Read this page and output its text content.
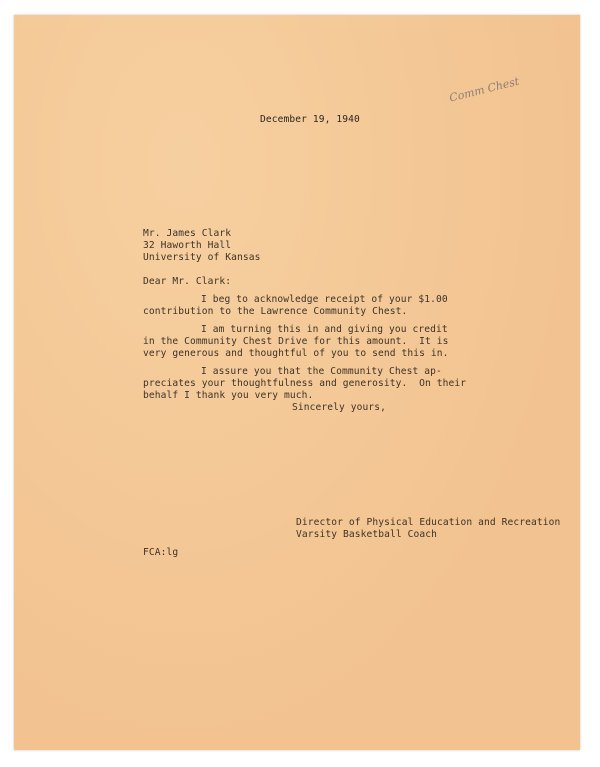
December 19, 1940
Comm Chest
Mr. James Clark
32 Haworth Hall
University of Kansas
Dear Mr. Clark:
I beg to acknowledge receipt of your $1.00
contribution to the Lawrence Community Chest.
I am turning this in and giving you credit
in the Community Chest Drive for this amount.  It is
very generous and thoughtful of you to send this in.
I assure you that the Community Chest ap-
preciates your thoughtfulness and generosity.  On their
behalf I thank you very much.
Sincerely yours,
Director of Physical Education and Recreation
Varsity Basketball Coach
FCA:lg
